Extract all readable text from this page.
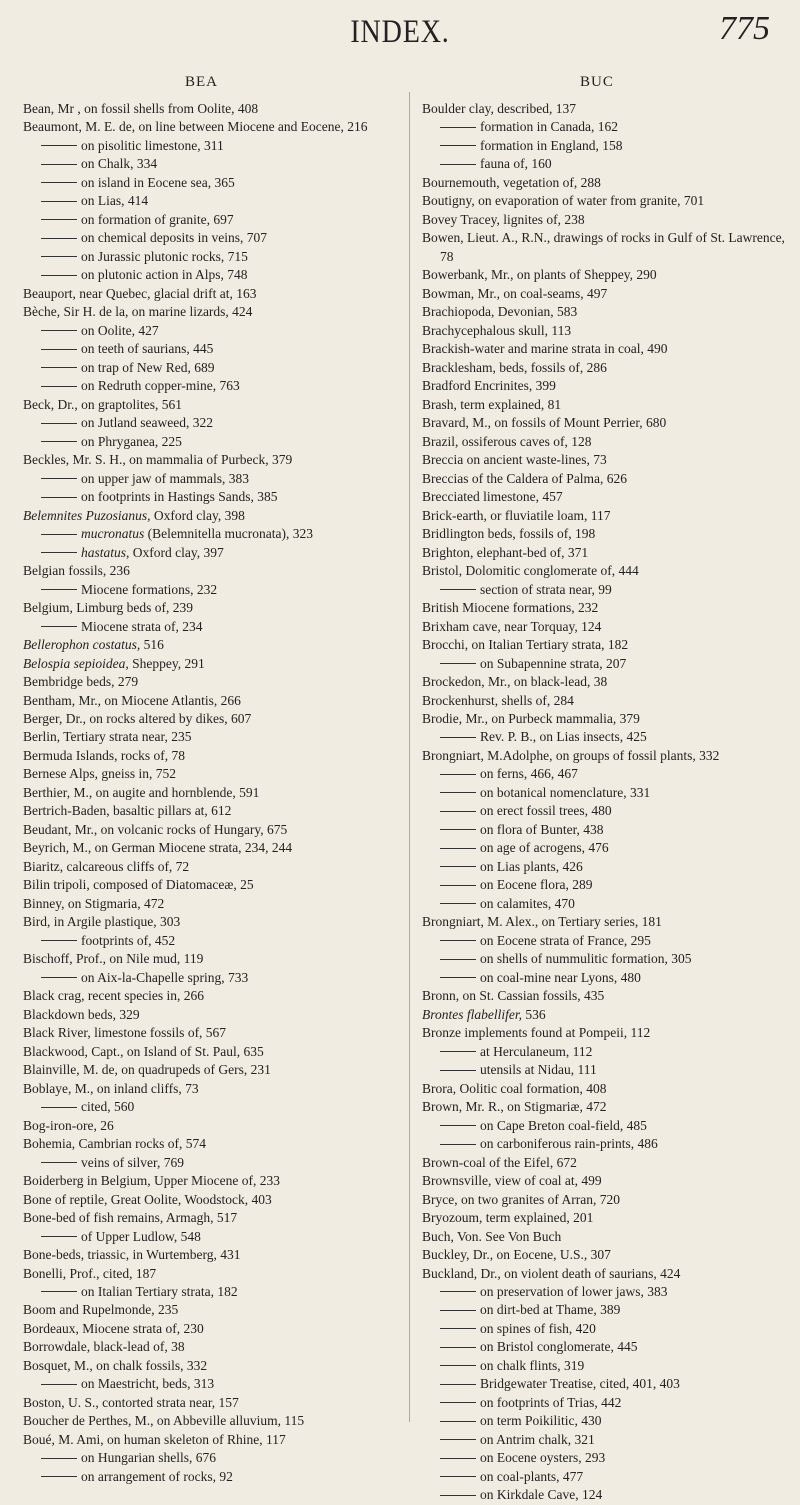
INDEX.	775
BEA	BUC
Bean, Mr , on fossil shells from Oolite, 408
Beaumont, M. E. de, on line between Miocene and Eocene, 216
on pisolitic limestone, 311
on Chalk, 334
on island in Eocene sea, 365
on Lias, 414
on formation of granite, 697
on chemical deposits in veins, 707
on Jurassic plutonic rocks, 715
on plutonic action in Alps, 748
Beauport, near Quebec, glacial drift at, 163
Bèche, Sir H. de la, on marine lizards, 424
on Oolite, 427
on teeth of saurians, 445
on trap of New Red, 689
on Redruth copper-mine, 763
Beck, Dr., on graptolites, 561
on Jutland seaweed, 322
on Phryganea, 225
Beckles, Mr. S. H., on mammalia of Purbeck, 379
on upper jaw of mammals, 383
on footprints in Hastings Sands, 385
Belemnites Puzosianus, Oxford clay, 398
mucronatus (Belemnitella mucronata), 323
hastatus, Oxford clay, 397
Belgian fossils, 236
Miocene formations, 232
Belgium, Limburg beds of, 239
Miocene strata of, 234
Bellerophon costatus, 516
Belospia sepioidea, Sheppey, 291
Bembridge beds, 279
Bentham, Mr., on Miocene Atlantis, 266
Berger, Dr., on rocks altered by dikes, 607
Berlin, Tertiary strata near, 235
Bermuda Islands, rocks of, 78
Bernese Alps, gneiss in, 752
Berthier, M., on augite and hornblende, 591
Bertrich-Baden, basaltic pillars at, 612
Beudant, Mr., on volcanic rocks of Hungary, 675
Beyrich, M., on German Miocene strata, 234, 244
Biaritz, calcareous cliffs of, 72
Bilin tripoli, composed of Diatomaceæ, 25
Binney, on Stigmaria, 472
Bird, in Argile plastique, 303
footprints of, 452
Bischoff, Prof., on Nile mud, 119
on Aix-la-Chapelle spring, 733
Black crag, recent species in, 266
Blackdown beds, 329
Black River, limestone fossils of, 567
Blackwood, Capt., on Island of St. Paul, 635
Blainville, M. de, on quadrupeds of Gers, 231
Boblaye, M., on inland cliffs, 73
cited, 560
Bog-iron-ore, 26
Bohemia, Cambrian rocks of, 574
veins of silver, 769
Boiderberg in Belgium, Upper Miocene of, 233
Bone of reptile, Great Oolite, Woodstock, 403
Bone-bed of fish remains, Armagh, 517
of Upper Ludlow, 548
Bone-beds, triassic, in Wurtemberg, 431
Bonelli, Prof., cited, 187
on Italian Tertiary strata, 182
Boom and Rupelmonde, 235
Bordeaux, Miocene strata of, 230
Borrowdale, black-lead of, 38
Bosquet, M., on chalk fossils, 332
on Maestricht, beds, 313
Boston, U. S., contorted strata near, 157
Boucher de Perthes, M., on Abbeville alluvium, 115
Boué, M. Ami, on human skeleton of Rhine, 117
on Hungarian shells, 676
on arrangement of rocks, 92
Boulder clay, described, 137
formation in Canada, 162
formation in England, 158
fauna of, 160
Bournemouth, vegetation of, 288
Boutigny, on evaporation of water from granite, 701
Bovey Tracey, lignites of, 238
Bowen, Lieut. A., R.N., drawings of rocks in Gulf of St. Lawrence, 78
Bowerbank, Mr., on plants of Sheppey, 290
Bowman, Mr., on coal-seams, 497
Brachiopoda, Devonian, 583
Brachycephalous skull, 113
Brackish-water and marine strata in coal, 490
Bracklesham, beds, fossils of, 286
Bradford Encrinites, 399
Brash, term explained, 81
Bravard, M., on fossils of Mount Perrier, 680
Brazil, ossiferous caves of, 128
Breccia on ancient waste-lines, 73
Breccias of the Caldera of Palma, 626
Brecciated limestone, 457
Brick-earth, or fluviatile loam, 117
Bridlington beds, fossils of, 198
Brighton, elephant-bed of, 371
Bristol, Dolomitic conglomerate of, 444
section of strata near, 99
British Miocene formations, 232
Brixham cave, near Torquay, 124
Brocchi, on Italian Tertiary strata, 182
on Subapennine strata, 207
Brockedon, Mr., on black-lead, 38
Brockenhurst, shells of, 284
Brodie, Mr., on Purbeck mammalia, 379
Rev. P. B., on Lias insects, 425
Brongniart, M.Adolphe, on groups of fossil plants, 332
on ferns, 466, 467
on botanical nomenclature, 331
on erect fossil trees, 480
on flora of Bunter, 438
on age of acrogens, 476
on Lias plants, 426
on Eocene flora, 289
on calamites, 470
Brongniart, M. Alex., on Tertiary series, 181
on Eocene strata of France, 295
on shells of nummulitic formation, 305
on coal-mine near Lyons, 480
Bronn, on St. Cassian fossils, 435
Brontes flabellifer, 536
Bronze implements found at Pompeii, 112
at Herculaneum, 112
utensils at Nidau, 111
Brora, Oolitic coal formation, 408
Brown, Mr. R., on Stigmariæ, 472
on Cape Breton coal-field, 485
on carboniferous rain-prints, 486
Brown-coal of the Eifel, 672
Brownsville, view of coal at, 499
Bryce, on two granites of Arran, 720
Bryozoum, term explained, 201
Buch, Von. See Von Buch
Buckley, Dr., on Eocene, U.S., 307
Buckland, Dr., on violent death of saurians, 424
on preservation of lower jaws, 383
on dirt-bed at Thame, 389
on spines of fish, 420
on Bristol conglomerate, 445
on chalk flints, 319
Bridgewater Treatise, cited, 401, 403
on footprints of Trias, 442
on term Poikilitic, 430
on Antrim chalk, 321
on Eocene oysters, 293
on coal-plants, 477
on Kirkdale Cave, 124
